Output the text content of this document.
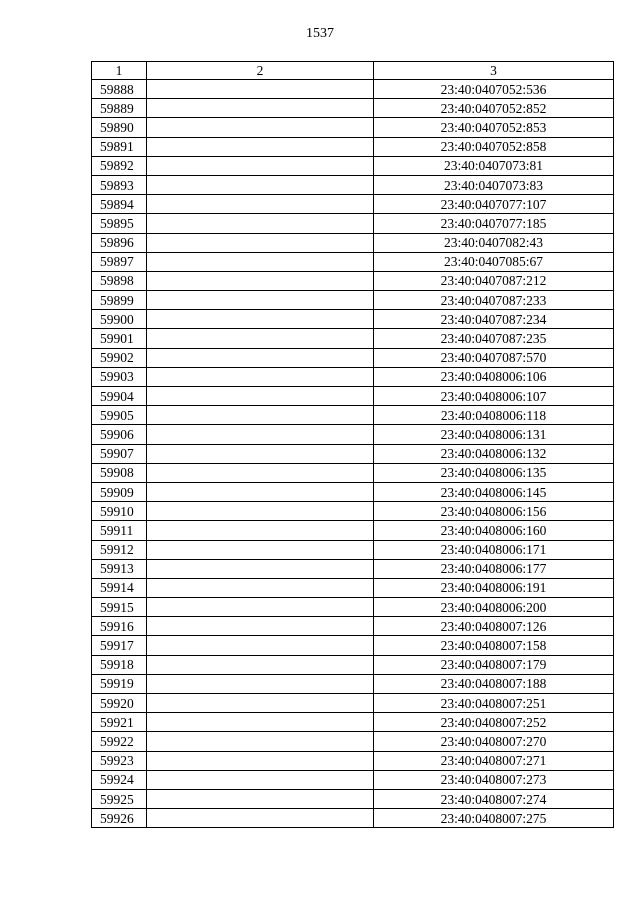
1537
1	2	3
59888		23:40:0407052:536
59889		23:40:0407052:852
59890		23:40:0407052:853
59891		23:40:0407052:858
59892		23:40:0407073:81
59893		23:40:0407073:83
59894		23:40:0407077:107
59895		23:40:0407077:185
59896		23:40:0407082:43
59897		23:40:0407085:67
59898		23:40:0407087:212
59899		23:40:0407087:233
59900		23:40:0407087:234
59901		23:40:0407087:235
59902		23:40:0407087:570
59903		23:40:0408006:106
59904		23:40:0408006:107
59905		23:40:0408006:118
59906		23:40:0408006:131
59907		23:40:0408006:132
59908		23:40:0408006:135
59909		23:40:0408006:145
59910		23:40:0408006:156
59911		23:40:0408006:160
59912		23:40:0408006:171
59913		23:40:0408006:177
59914		23:40:0408006:191
59915		23:40:0408006:200
59916		23:40:0408007:126
59917		23:40:0408007:158
59918		23:40:0408007:179
59919		23:40:0408007:188
59920		23:40:0408007:251
59921		23:40:0408007:252
59922		23:40:0408007:270
59923		23:40:0408007:271
59924		23:40:0408007:273
59925		23:40:0408007:274
59926		23:40:0408007:275
